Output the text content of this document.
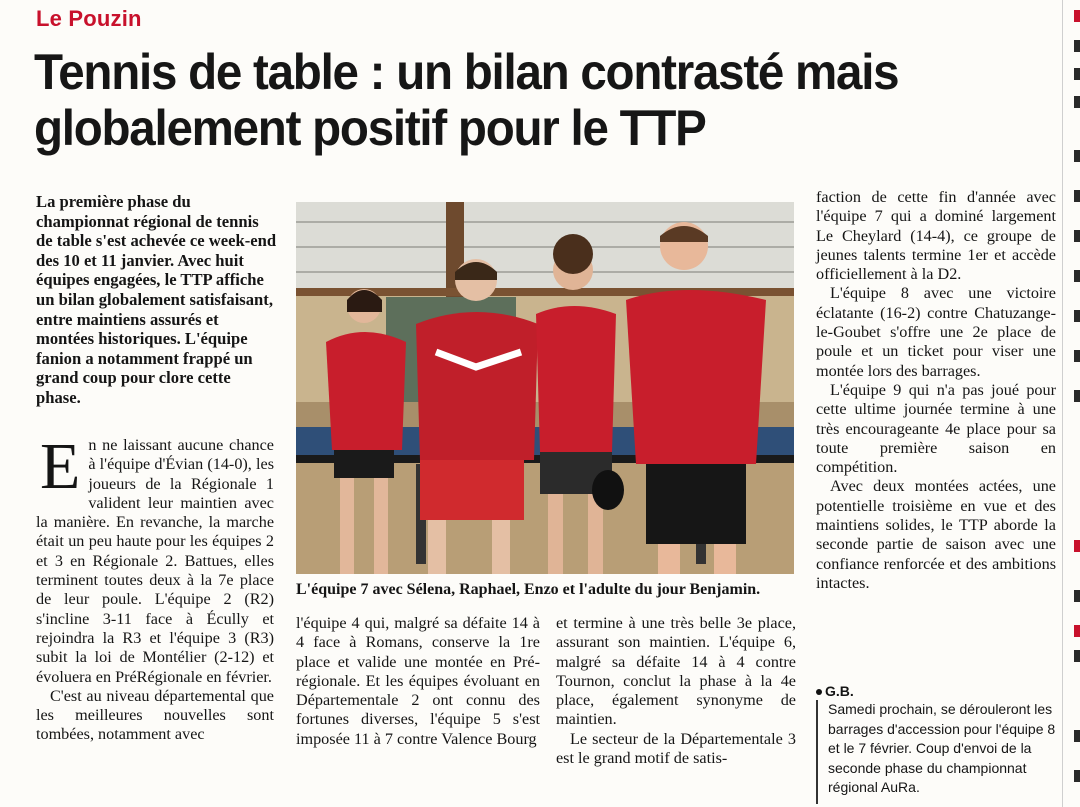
Le Pouzin
Tennis de table : un bilan contrasté mais globalement positif pour le TTP
La première phase du championnat régional de tennis de table s'est achevée ce week-end des 10 et 11 janvier. Avec huit équipes engagées, le TTP affiche un bilan globalement satisfaisant, entre maintiens assurés et montées historiques. L'équipe fanion a notamment frappé un grand coup pour clore cette phase.

En ne laissant aucune chance à l'équipe d'Évian (14-0), les joueurs de la Régionale 1 valident leur maintien avec la manière. En revanche, la marche était un peu haute pour les équipes 2 et 3 en Régionale 2. Battues, elles terminent toutes deux à la 7e place de leur poule. L'équipe 2 (R2) s'incline 3-11 face à Écully et rejoindra la R3 et l'équipe 3 (R3) subit la loi de Montélier (2-12) et évoluera en PréRégionale en février.

C'est au niveau départemental que les meilleures nouvelles sont tombées, notamment avec

L'équipe 7 avec Sélena, Raphael, Enzo et l'adulte du jour Benjamin.

l'équipe 4 qui, malgré sa défaite 14 à 4 face à Romans, conserve la 1re place et valide une montée en Pré-régionale. Et les équipes évoluant en Départementale 2 ont connu des fortunes diverses, l'équipe 5 s'est imposée 11 à 7 contre Valence Bourg

et termine à une très belle 3e place, assurant son maintien. L'équipe 6, malgré sa défaite 14 à 4 contre Tournon, conclut la phase à la 4e place, également synonyme de maintien.

Le secteur de la Départementale 3 est le grand motif de satis-

faction de cette fin d'année avec l'équipe 7 qui a dominé largement Le Cheylard (14-4), ce groupe de jeunes talents termine 1er et accède officiellement à la D2.

L'équipe 8 avec une victoire éclatante (16-2) contre Chatuzange-le-Goubet s'offre une 2e place de poule et un ticket pour viser une montée lors des barrages.

L'équipe 9 qui n'a pas joué pour cette ultime journée termine à une très encourageante 4e place pour sa toute première saison en compétition.

Avec deux montées actées, une potentielle troisième en vue et des maintiens solides, le TTP aborde la seconde partie de saison avec une confiance renforcée et des ambitions intactes.

G.B.
Samedi prochain, se dérouleront les barrages d'accession pour l'équipe 8 et le 7 février. Coup d'envoi de la seconde phase du championnat régional AuRa.
